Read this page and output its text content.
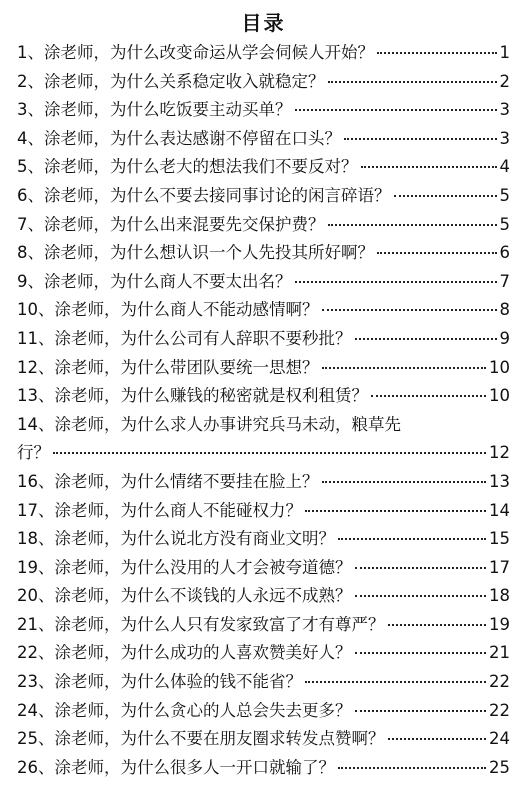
目录
1、涂老师，为什么改变命运从学会伺候人开始？	1
2、涂老师，为什么关系稳定收入就稳定？	2
3、涂老师，为什么吃饭要主动买单？	3
4、涂老师，为什么表达感谢不停留在口头？	3
5、涂老师，为什么老大的想法我们不要反对？	4
6、涂老师，为什么不要去接同事讨论的闲言碎语？	5
7、涂老师，为什么出来混要先交保护费？	5
8、涂老师，为什么想认识一个人先投其所好啊？	6
9、涂老师，为什么商人不要太出名？	7
10、涂老师，为什么商人不能动感情啊？	8
11、涂老师，为什么公司有人辞职不要秒批？	9
12、涂老师，为什么带团队要统一思想？	10
13、涂老师，为什么赚钱的秘密就是权利租赁？	10
14、涂老师，为什么求人办事讲究兵马未动，粮草先
行？	12
16、涂老师，为什么情绪不要挂在脸上？	13
17、涂老师，为什么商人不能碰权力？	14
18、涂老师，为什么说北方没有商业文明？	15
19、涂老师，为什么没用的人才会被夸道德？	17
20、涂老师，为什么不谈钱的人永远不成熟？	18
21、涂老师，为什么人只有发家致富了才有尊严？	19
22、涂老师，为什么成功的人喜欢赞美好人？	21
23、涂老师，为什么体验的钱不能省？	22
24、涂老师，为什么贪心的人总会失去更多？	22
25、涂老师，为什么不要在朋友圈求转发点赞啊？	24
26、涂老师，为什么很多人一开口就输了？	25
